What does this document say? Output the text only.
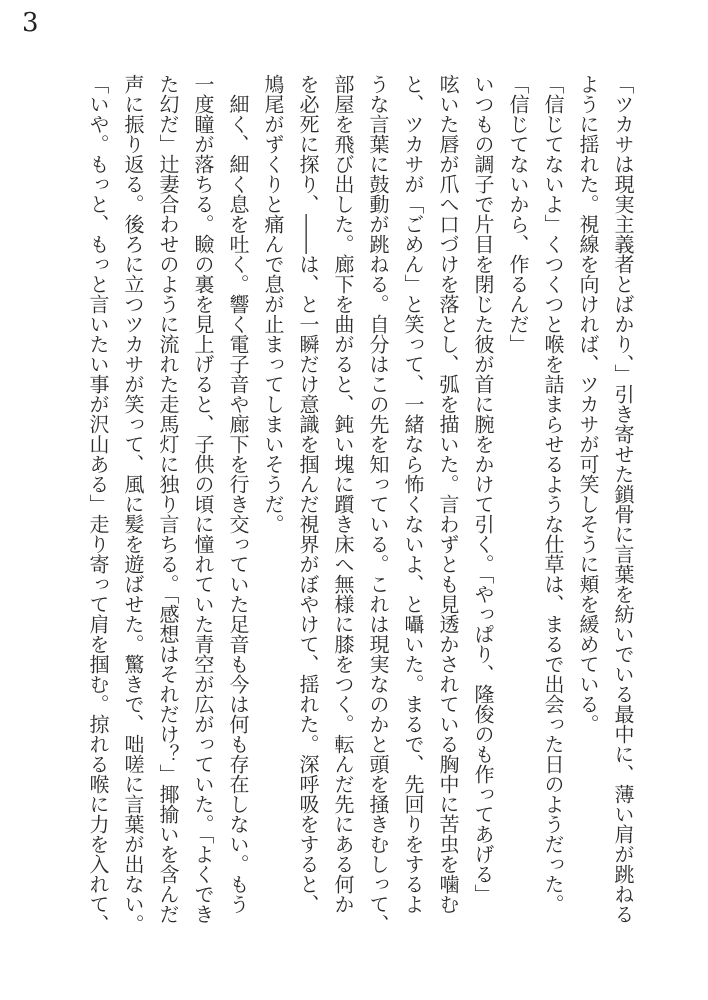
3
「ツカサは現実主義者とばかり、」引き寄せた鎖骨に言葉を紡いでいる最中に、薄い肩が跳ねる
ように揺れた。視線を向ければ、ツカサが可笑しそうに頬を緩めている。
「信じてないよ」くつくつと喉を詰まらせるような仕草は、まるで出会った日のようだった。
「信じてないから、作るんだ」
いつもの調子で片目を閉じた彼が首に腕をかけて引く。「やっぱり、隆俊のも作ってあげる」
呟いた唇が爪へ口づけを落とし、弧を描いた。言わずとも見透かされている胸中に苦虫を噛む
と、ツカサが「ごめん」と笑って、一緒なら怖くないよ、と囁いた。まるで、先回りをするよ
うな言葉に鼓動が跳ねる。自分はこの先を知っている。これは現実なのかと頭を掻きむしって、
部屋を飛び出した。廊下を曲がると、鈍い塊に躓き床へ無様に膝をつく。転んだ先にある何か
を必死に探り、――は、と一瞬だけ意識を掴んだ視界がぼやけて、揺れた。深呼吸をすると、
鳩尾がずくりと痛んで息が止まってしまいそうだ。
　細く、細く息を吐く。響く電子音や廊下を行き交っていた足音も今は何も存在しない。もう
一度瞳が落ちる。瞼の裏を見上げると、子供の頃に憧れていた青空が広がっていた。「よくでき
た幻だ」辻妻合わせのように流れた走馬灯に独り言ちる。「感想はそれだけ？」揶揄いを含んだ
声に振り返る。後ろに立つツカサが笑って、風に髪を遊ばせた。驚きで、咄嗟に言葉が出ない。
「いや。もっと、もっと言いたい事が沢山ある」走り寄って肩を掴む。掠れる喉に力を入れて、
